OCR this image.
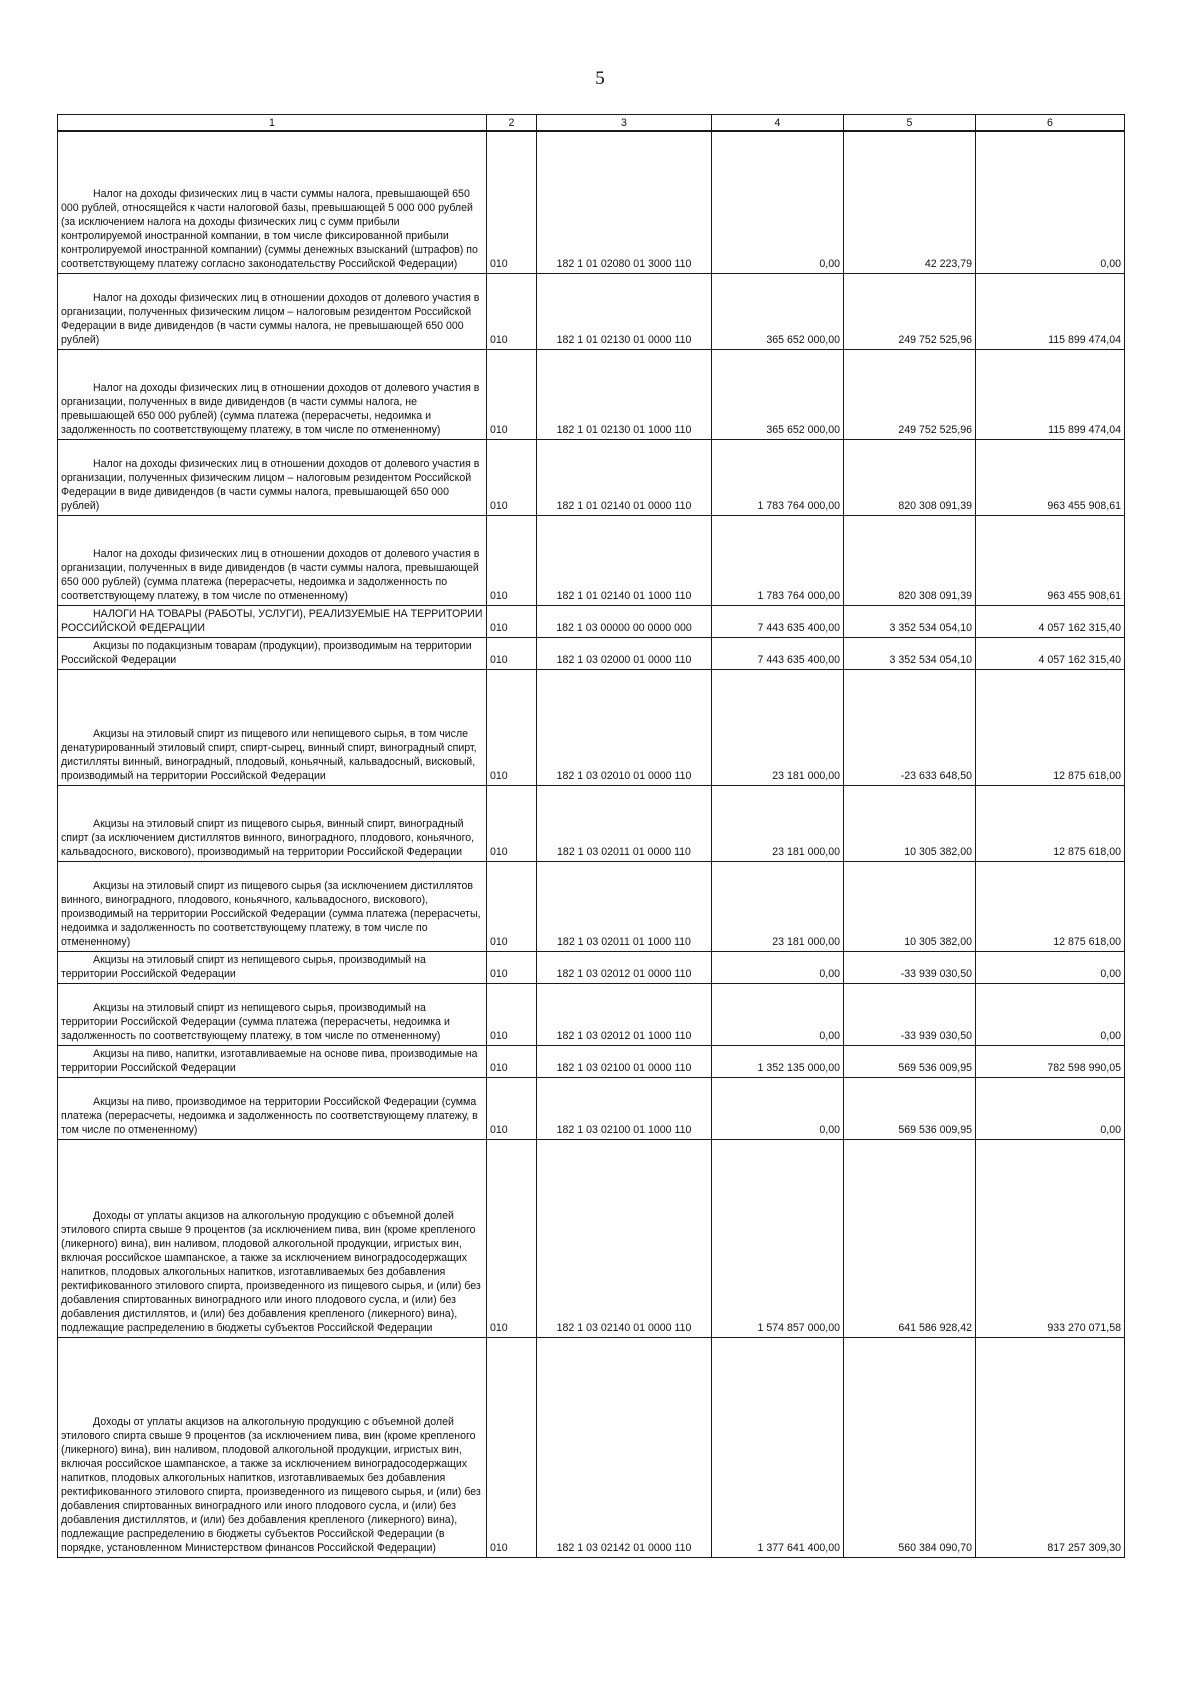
5
1	2	3	4	5	6
Налог на доходы физических лиц в части суммы налога, превышающей 650 000 рублей, относящейся к части налоговой базы, превышающей 5 000 000 рублей (за исключением налога на доходы физических лиц с сумм прибыли контролируемой иностранной компании, в том числе фиксированной прибыли контролируемой иностранной компании) (суммы денежных взысканий (штрафов) по соответствующему платежу согласно законодательству Российской Федерации)	010	182 1 01 02080 01 3000 110	0,00	42 223,79	0,00
Налог на доходы физических лиц в отношении доходов от долевого участия в организации, полученных физическим лицом – налоговым резидентом Российской Федерации в виде дивидендов (в части суммы налога, не превышающей 650 000 рублей)	010	182 1 01 02130 01 0000 110	365 652 000,00	249 752 525,96	115 899 474,04
Налог на доходы физических лиц в отношении доходов от долевого участия в организации, полученных в виде дивидендов (в части суммы налога, не превышающей 650 000 рублей) (сумма платежа (перерасчеты, недоимка и задолженность по соответствующему платежу, в том числе по отмененному)	010	182 1 01 02130 01 1000 110	365 652 000,00	249 752 525,96	115 899 474,04
Налог на доходы физических лиц в отношении доходов от долевого участия в организации, полученных физическим лицом – налоговым резидентом Российской Федерации в виде дивидендов (в части суммы налога, превышающей 650 000 рублей)	010	182 1 01 02140 01 0000 110	1 783 764 000,00	820 308 091,39	963 455 908,61
Налог на доходы физических лиц в отношении доходов от долевого участия в организации, полученных в виде дивидендов (в части суммы налога, превышающей 650 000 рублей) (сумма платежа (перерасчеты, недоимка и задолженность по соответствующему платежу, в том числе по отмененному)	010	182 1 01 02140 01 1000 110	1 783 764 000,00	820 308 091,39	963 455 908,61
НАЛОГИ НА ТОВАРЫ (РАБОТЫ, УСЛУГИ), РЕАЛИЗУЕМЫЕ НА ТЕРРИТОРИИ РОССИЙСКОЙ ФЕДЕРАЦИИ	010	182 1 03 00000 00 0000 000	7 443 635 400,00	3 352 534 054,10	4 057 162 315,40
Акцизы по подакцизным товарам (продукции), производимым на территории Российской Федерации	010	182 1 03 02000 01 0000 110	7 443 635 400,00	3 352 534 054,10	4 057 162 315,40
Акцизы на этиловый спирт из пищевого или непищевого сырья, в том числе денатурированный этиловый спирт, спирт-сырец, винный спирт, виноградный спирт, дистилляты винный, виноградный, плодовый, коньячный, кальвадосный, висковый, производимый на территории Российской Федерации	010	182 1 03 02010 01 0000 110	23 181 000,00	-23 633 648,50	12 875 618,00
Акцизы на этиловый спирт из пищевого сырья, винный спирт, виноградный спирт (за исключением дистиллятов винного, виноградного, плодового, коньячного, кальвадосного, вискового), производимый на территории Российской Федерации	010	182 1 03 02011 01 0000 110	23 181 000,00	10 305 382,00	12 875 618,00
Акцизы на этиловый спирт из пищевого сырья (за исключением дистиллятов винного, виноградного, плодового, коньячного, кальвадосного, вискового), производимый на территории Российской Федерации (сумма платежа (перерасчеты, недоимка и задолженность по соответствующему платежу, в том числе по отмененному)	010	182 1 03 02011 01 1000 110	23 181 000,00	10 305 382,00	12 875 618,00
Акцизы на этиловый спирт из непищевого сырья, производимый на территории Российской Федерации	010	182 1 03 02012 01 0000 110	0,00	-33 939 030,50	0,00
Акцизы на этиловый спирт из непищевого сырья, производимый на территории Российской Федерации (сумма платежа (перерасчеты, недоимка и задолженность по соответствующему платежу, в том числе по отмененному)	010	182 1 03 02012 01 1000 110	0,00	-33 939 030,50	0,00
Акцизы на пиво, напитки, изготавливаемые на основе пива, производимые на территории Российской Федерации	010	182 1 03 02100 01 0000 110	1 352 135 000,00	569 536 009,95	782 598 990,05
Акцизы на пиво, производимое на территории Российской Федерации (сумма платежа (перерасчеты, недоимка и задолженность по соответствующему платежу, в том числе по отмененному)	010	182 1 03 02100 01 1000 110	0,00	569 536 009,95	0,00
Доходы от уплаты акцизов на алкогольную продукцию с объемной долей этилового спирта свыше 9 процентов (за исключением пива, вин (кроме крепленого (ликерного) вина), вин наливом, плодовой алкогольной продукции, игристых вин, включая российское шампанское, а также за исключением виноградосодержащих напитков, плодовых алкогольных напитков, изготавливаемых без добавления ректификованного этилового спирта, произведенного из пищевого сырья, и (или) без добавления спиртованных виноградного или иного плодового сусла, и (или) без добавления дистиллятов, и (или) без добавления крепленого (ликерного) вина), подлежащие распределению в бюджеты субъектов Российской Федерации	010	182 1 03 02140 01 0000 110	1 574 857 000,00	641 586 928,42	933 270 071,58
Доходы от уплаты акцизов на алкогольную продукцию с объемной долей этилового спирта свыше 9 процентов (за исключением пива, вин (кроме крепленого (ликерного) вина), вин наливом, плодовой алкогольной продукции, игристых вин, включая российское шампанское, а также за исключением виноградосодержащих напитков, плодовых алкогольных напитков, изготавливаемых без добавления ректификованного этилового спирта, произведенного из пищевого сырья, и (или) без добавления спиртованных виноградного или иного плодового сусла, и (или) без добавления дистиллятов, и (или) без добавления крепленого (ликерного) вина), подлежащие распределению в бюджеты субъектов Российской Федерации (в порядке, установленном Министерством финансов Российской Федерации)	010	182 1 03 02142 01 0000 110	1 377 641 400,00	560 384 090,70	817 257 309,30
